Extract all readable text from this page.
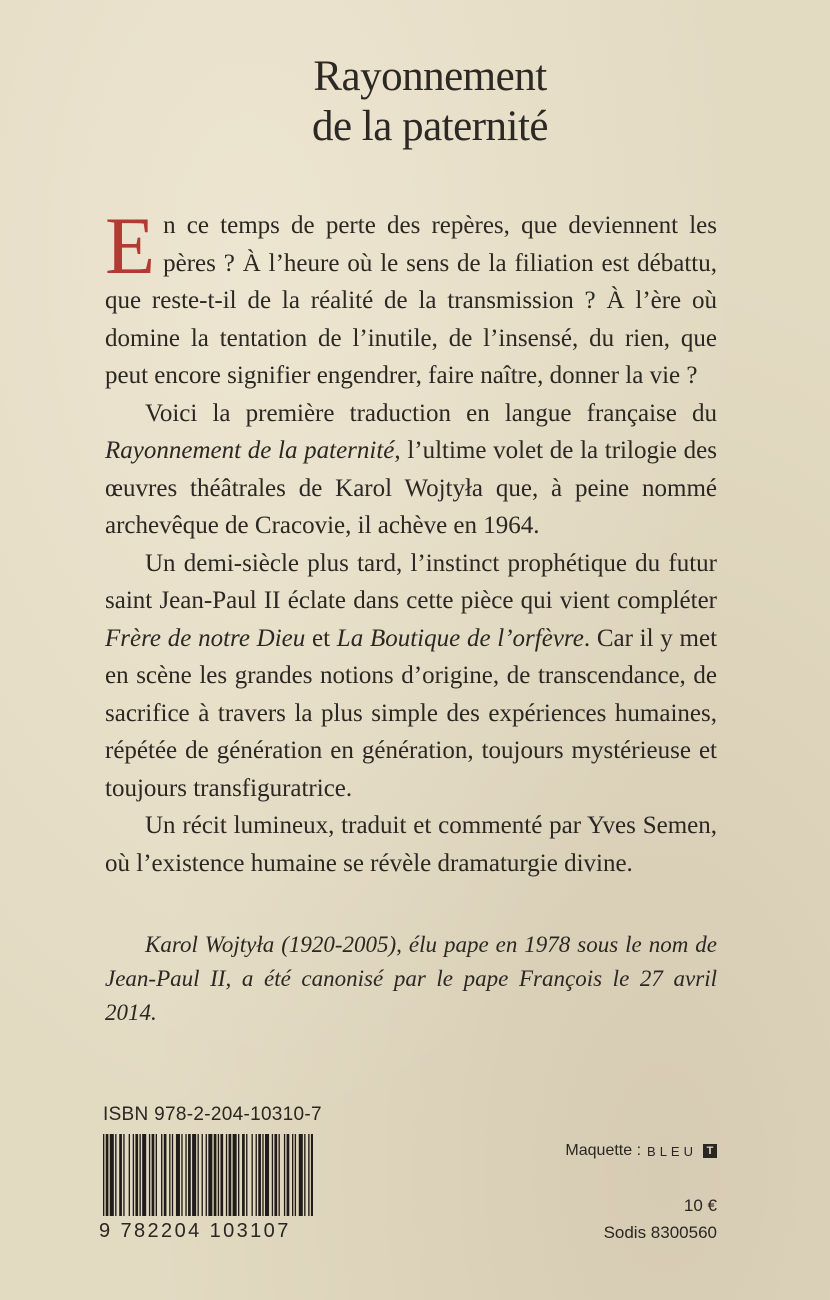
Rayonnement
de la paternité

En ce temps de perte des repères, que deviennent les pères ? À l’heure où le sens de la filiation est débattu, que reste-t-il de la réalité de la transmission ? À l’ère où domine la tentation de l’inutile, de l’insensé, du rien, que peut encore signifier engendrer, faire naître, donner la vie ?

Voici la première traduction en langue française du Rayonnement de la paternité, l’ultime volet de la trilogie des œuvres théâtrales de Karol Wojtyła que, à peine nommé archevêque de Cracovie, il achève en 1964.

Un demi-siècle plus tard, l’instinct prophétique du futur saint Jean-Paul II éclate dans cette pièce qui vient compléter Frère de notre Dieu et La Boutique de l’orfèvre. Car il y met en scène les grandes notions d’origine, de transcendance, de sacrifice à travers la plus simple des expériences humaines, répétée de génération en génération, toujours mystérieuse et toujours transfiguratrice.

Un récit lumineux, traduit et commenté par Yves Semen, où l’existence humaine se révèle dramaturgie divine.

Karol Wojtyła (1920-2005), élu pape en 1978 sous le nom de Jean-Paul II, a été canonisé par le pape François le 27 avril 2014.

ISBN 978-2-204-10310-7
9 782204 103107
Maquette : BLEU T
10 €
Sodis 8300560
